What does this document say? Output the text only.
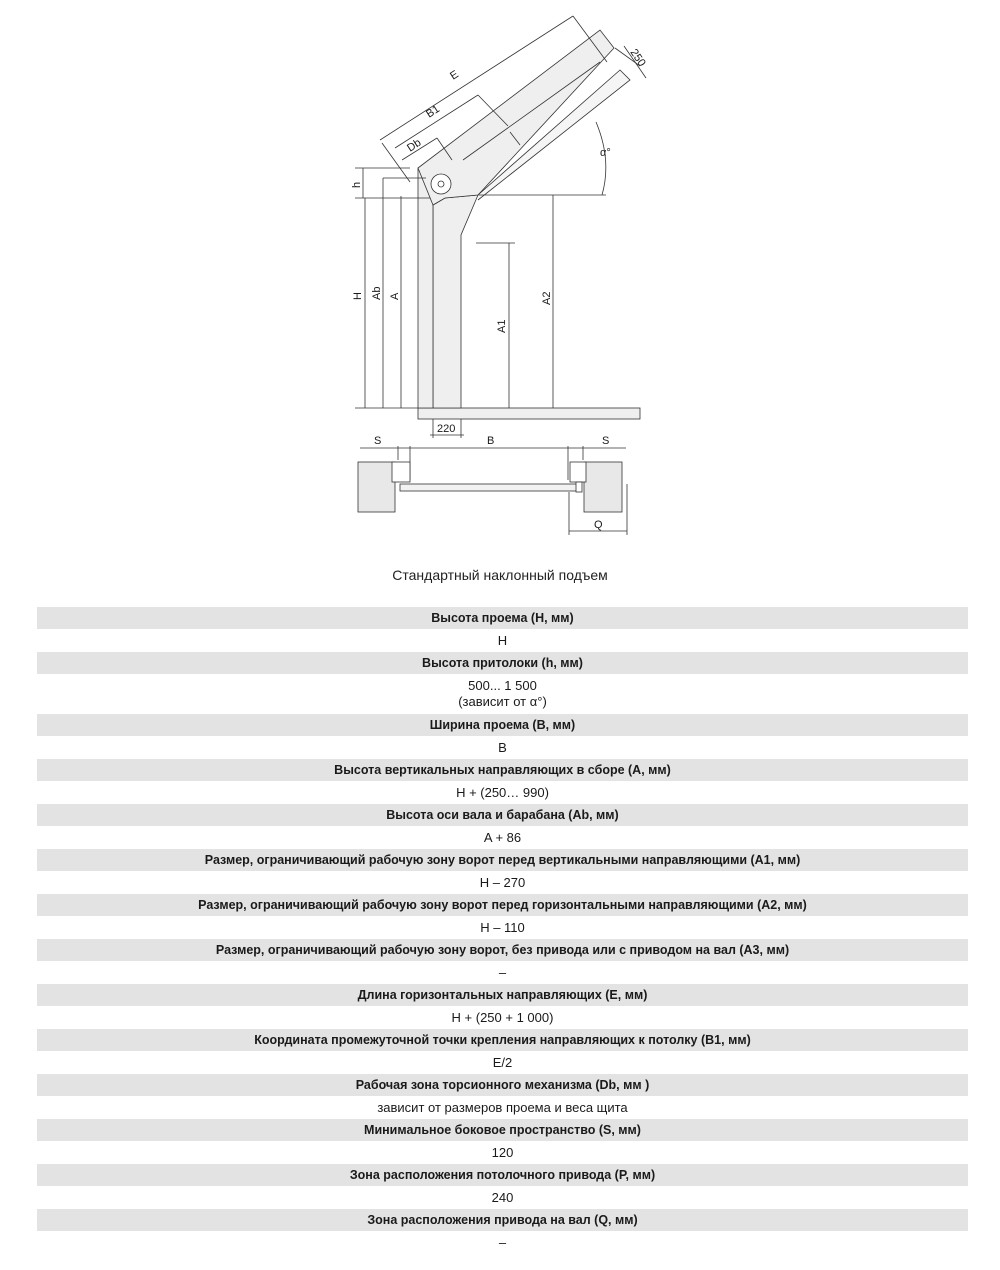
E
B1
Db
250
α°
h
H Ab A
A1
A2
220
S	B	S
Q
Стандартный наклонный подъем
Высота проема (H, мм)
H
Высота притолоки (h, мм)
500... 1 500
(зависит от α°)
Ширина проема (B, мм)
B
Высота вертикальных направляющих в сборе (A, мм)
H + (250… 990)
Высота оси вала и барабана (Ab, мм)
A + 86
Размер, ограничивающий рабочую зону ворот перед вертикальными направляющими (A1, мм)
H – 270
Размер, ограничивающий рабочую зону ворот перед горизонтальными направляющими (A2, мм)
H – 110
Размер, ограничивающий рабочую зону ворот, без привода или с приводом на вал (A3, мм)
–
Длина горизонтальных направляющих (E, мм)
H + (250 + 1 000)
Координата промежуточной точки крепления направляющих к потолку (B1, мм)
E/2
Рабочая зона торсионного механизма (Db, мм )
зависит от размеров проема и веса щита
Минимальное боковое пространство (S, мм)
120
Зона расположения потолочного привода (P, мм)
240
Зона расположения привода на вал (Q, мм)
–
